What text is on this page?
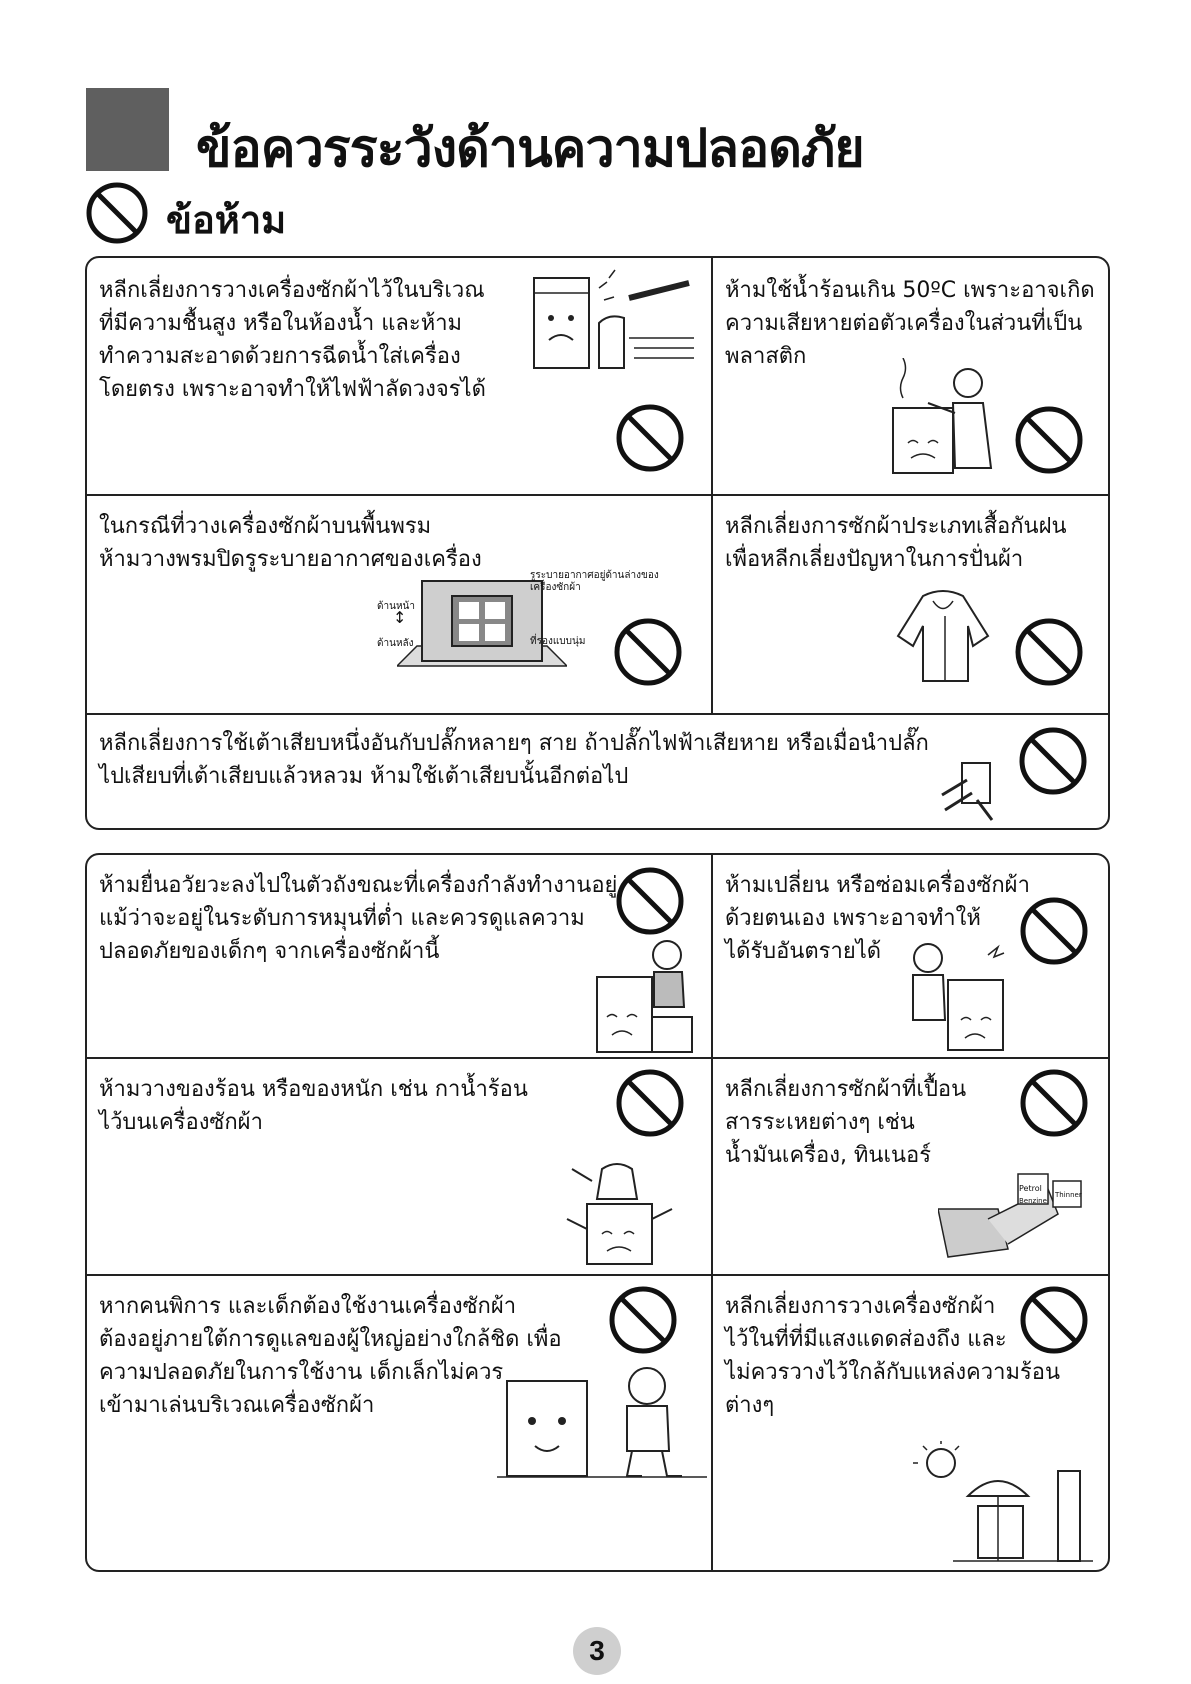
ข้อควรระวังด้านความปลอดภัย
ข้อห้าม
หลีกเลี่ยงการวางเครื่องซักผ้าไว้ในบริเวณ
ที่มีความชื้นสูง หรือในห้องน้ำ และห้าม
ทำความสะอาดด้วยการฉีดน้ำใส่เครื่อง
โดยตรง เพราะอาจทำให้ไฟฟ้าลัดวงจรได้
ห้ามใช้น้ำร้อนเกิน 50ºC เพราะอาจเกิด
ความเสียหายต่อตัวเครื่องในส่วนที่เป็น
พลาสติก
ในกรณีที่วางเครื่องซักผ้าบนพื้นพรม
ห้ามวางพรมปิดรูระบายอากาศของเครื่อง
รูระบายอากาศอยู่ด้านล่างของ
เครื่องซักผ้า
ด้านหน้า
ด้านหลัง
↕
ที่รองแบบนุ่ม
หลีกเลี่ยงการซักผ้าประเภทเสื้อกันฝน
เพื่อหลีกเลี่ยงปัญหาในการปั่นผ้า
หลีกเลี่ยงการใช้เต้าเสียบหนึ่งอันกับปลั๊กหลายๆ สาย ถ้าปลั๊กไฟฟ้าเสียหาย หรือเมื่อนำปลั๊ก
ไปเสียบที่เต้าเสียบแล้วหลวม ห้ามใช้เต้าเสียบนั้นอีกต่อไป
ห้ามยื่นอวัยวะลงไปในตัวถังขณะที่เครื่องกำลังทำงานอยู่
แม้ว่าจะอยู่ในระดับการหมุนที่ต่ำ และควรดูแลความ
ปลอดภัยของเด็กๆ จากเครื่องซักผ้านี้
ห้ามเปลี่ยน หรือซ่อมเครื่องซักผ้า
ด้วยตนเอง เพราะอาจทำให้
ได้รับอันตรายได้
ห้ามวางของร้อน หรือของหนัก เช่น กาน้ำร้อน
ไว้บนเครื่องซักผ้า
หลีกเลี่ยงการซักผ้าที่เปื้อน
สารระเหยต่างๆ เช่น
น้ำมันเครื่อง, ทินเนอร์
Petrol
Benzine
Thinner
หากคนพิการ และเด็กต้องใช้งานเครื่องซักผ้า
ต้องอยู่ภายใต้การดูแลของผู้ใหญ่อย่างใกล้ชิด เพื่อ
ความปลอดภัยในการใช้งาน เด็กเล็กไม่ควร
เข้ามาเล่นบริเวณเครื่องซักผ้า
หลีกเลี่ยงการวางเครื่องซักผ้า
ไว้ในที่ที่มีแสงแดดส่องถึง และ
ไม่ควรวางไว้ใกล้กับแหล่งความร้อนต่างๆ
3
